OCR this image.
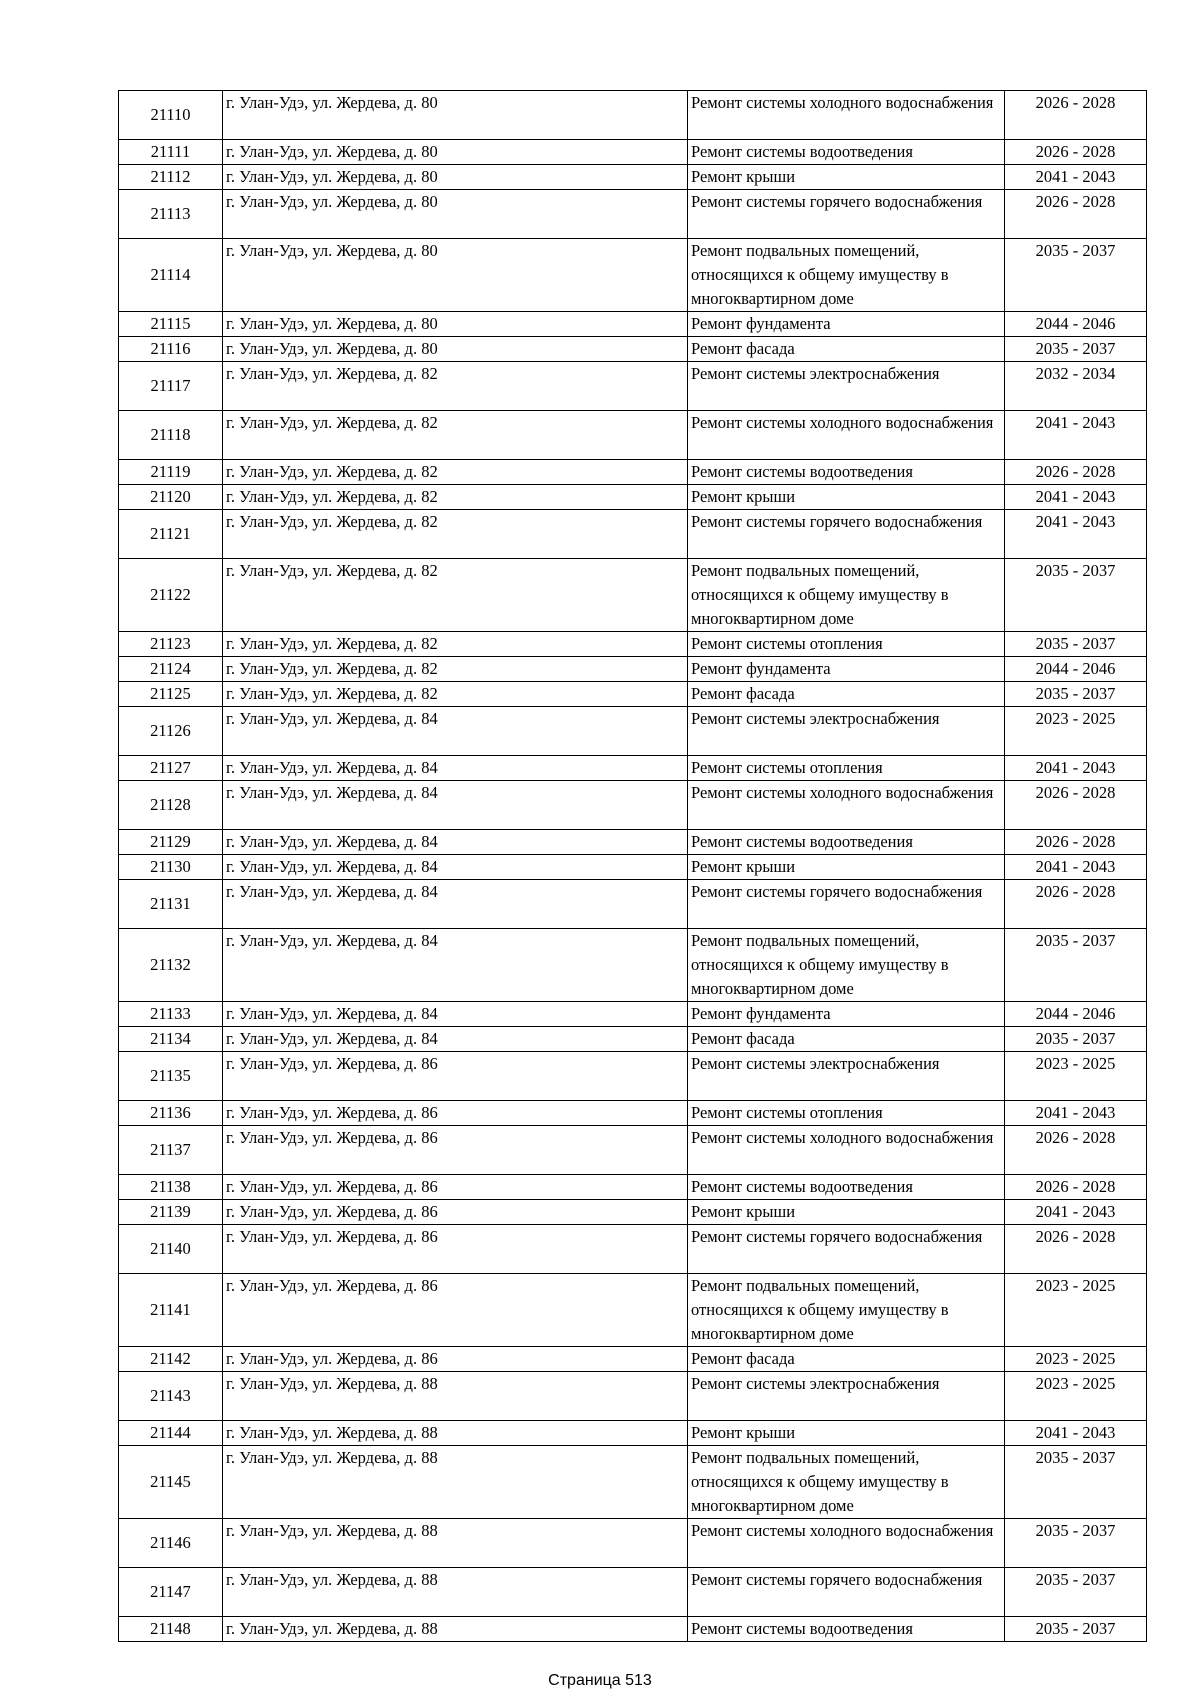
21110	г. Улан-Удэ, ул. Жердева, д. 80	Ремонт системы холодного водоснабжения	2026 - 2028
21111	г. Улан-Удэ, ул. Жердева, д. 80	Ремонт системы водоотведения	2026 - 2028
21112	г. Улан-Удэ, ул. Жердева, д. 80	Ремонт крыши	2041 - 2043
21113	г. Улан-Удэ, ул. Жердева, д. 80	Ремонт системы горячего водоснабжения	2026 - 2028
21114	г. Улан-Удэ, ул. Жердева, д. 80	Ремонт подвальных помещений, относящихся к общему имуществу в многоквартирном доме	2035 - 2037
21115	г. Улан-Удэ, ул. Жердева, д. 80	Ремонт фундамента	2044 - 2046
21116	г. Улан-Удэ, ул. Жердева, д. 80	Ремонт фасада	2035 - 2037
21117	г. Улан-Удэ, ул. Жердева, д. 82	Ремонт системы электроснабжения	2032 - 2034
21118	г. Улан-Удэ, ул. Жердева, д. 82	Ремонт системы холодного водоснабжения	2041 - 2043
21119	г. Улан-Удэ, ул. Жердева, д. 82	Ремонт системы водоотведения	2026 - 2028
21120	г. Улан-Удэ, ул. Жердева, д. 82	Ремонт крыши	2041 - 2043
21121	г. Улан-Удэ, ул. Жердева, д. 82	Ремонт системы горячего водоснабжения	2041 - 2043
21122	г. Улан-Удэ, ул. Жердева, д. 82	Ремонт подвальных помещений, относящихся к общему имуществу в многоквартирном доме	2035 - 2037
21123	г. Улан-Удэ, ул. Жердева, д. 82	Ремонт системы отопления	2035 - 2037
21124	г. Улан-Удэ, ул. Жердева, д. 82	Ремонт фундамента	2044 - 2046
21125	г. Улан-Удэ, ул. Жердева, д. 82	Ремонт фасада	2035 - 2037
21126	г. Улан-Удэ, ул. Жердева, д. 84	Ремонт системы электроснабжения	2023 - 2025
21127	г. Улан-Удэ, ул. Жердева, д. 84	Ремонт системы отопления	2041 - 2043
21128	г. Улан-Удэ, ул. Жердева, д. 84	Ремонт системы холодного водоснабжения	2026 - 2028
21129	г. Улан-Удэ, ул. Жердева, д. 84	Ремонт системы водоотведения	2026 - 2028
21130	г. Улан-Удэ, ул. Жердева, д. 84	Ремонт крыши	2041 - 2043
21131	г. Улан-Удэ, ул. Жердева, д. 84	Ремонт системы горячего водоснабжения	2026 - 2028
21132	г. Улан-Удэ, ул. Жердева, д. 84	Ремонт подвальных помещений, относящихся к общему имуществу в многоквартирном доме	2035 - 2037
21133	г. Улан-Удэ, ул. Жердева, д. 84	Ремонт фундамента	2044 - 2046
21134	г. Улан-Удэ, ул. Жердева, д. 84	Ремонт фасада	2035 - 2037
21135	г. Улан-Удэ, ул. Жердева, д. 86	Ремонт системы электроснабжения	2023 - 2025
21136	г. Улан-Удэ, ул. Жердева, д. 86	Ремонт системы отопления	2041 - 2043
21137	г. Улан-Удэ, ул. Жердева, д. 86	Ремонт системы холодного водоснабжения	2026 - 2028
21138	г. Улан-Удэ, ул. Жердева, д. 86	Ремонт системы водоотведения	2026 - 2028
21139	г. Улан-Удэ, ул. Жердева, д. 86	Ремонт крыши	2041 - 2043
21140	г. Улан-Удэ, ул. Жердева, д. 86	Ремонт системы горячего водоснабжения	2026 - 2028
21141	г. Улан-Удэ, ул. Жердева, д. 86	Ремонт подвальных помещений, относящихся к общему имуществу в многоквартирном доме	2023 - 2025
21142	г. Улан-Удэ, ул. Жердева, д. 86	Ремонт фасада	2023 - 2025
21143	г. Улан-Удэ, ул. Жердева, д. 88	Ремонт системы электроснабжения	2023 - 2025
21144	г. Улан-Удэ, ул. Жердева, д. 88	Ремонт крыши	2041 - 2043
21145	г. Улан-Удэ, ул. Жердева, д. 88	Ремонт подвальных помещений, относящихся к общему имуществу в многоквартирном доме	2035 - 2037
21146	г. Улан-Удэ, ул. Жердева, д. 88	Ремонт системы холодного водоснабжения	2035 - 2037
21147	г. Улан-Удэ, ул. Жердева, д. 88	Ремонт системы горячего водоснабжения	2035 - 2037
21148	г. Улан-Удэ, ул. Жердева, д. 88	Ремонт системы водоотведения	2035 - 2037
Страница 513
